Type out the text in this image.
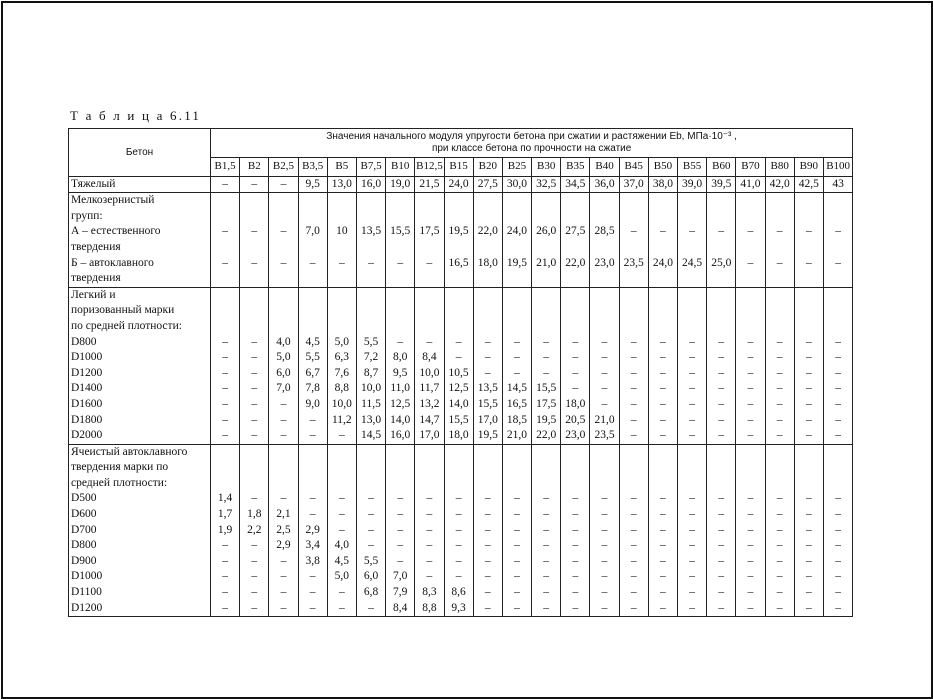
Т а б л и ц а 6.11
Бетон	Значения начального модуля упругости бетона при сжатии и растяжении Eb, МПа·10⁻³ ,
при классе бетона по прочности на сжатие																					

	B1,5	B2	B2,5	B3,5	B5	B7,5	B10	B12,5	B15	B20	B25	B30	B35	B40	B45	B50	B55	B60	B70	B80	B90	B100
Тяжелый	–	–	–	9,5	13,0	16,0	19,0	21,5	24,0	27,5	30,0	32,5	34,5	36,0	37,0	38,0	39,0	39,5	41,0	42,0	42,5	43
Мелкозернистый																						
групп:																						
А – естественного	–	–	–	7,0	10	13,5	15,5	17,5	19,5	22,0	24,0	26,0	27,5	28,5	–	–	–	–	–	–	–	–
твердения																						
Б – автоклавного	–	–	–	–	–	–	–	–	16,5	18,0	19,5	21,0	22,0	23,0	23,5	24,0	24,5	25,0	–	–	–	–
твердения																						
Легкий и																						
поризованный марки																						
по средней плотности:																						
D800	–	–	4,0	4,5	5,0	5,5	–	–	–	–	–	–	–	–	–	–	–	–	–	–	–	–
D1000	–	–	5,0	5,5	6,3	7,2	8,0	8,4	–	–	–	–	–	–	–	–	–	–	–	–	–	–
D1200	–	–	6,0	6,7	7,6	8,7	9,5	10,0	10,5	–	–	–	–	–	–	–	–	–	–	–	–	–
D1400	–	–	7,0	7,8	8,8	10,0	11,0	11,7	12,5	13,5	14,5	15,5	–	–	–	–	–	–	–	–	–	–
D1600	–	–	–	9,0	10,0	11,5	12,5	13,2	14,0	15,5	16,5	17,5	18,0	–	–	–	–	–	–	–	–	–
D1800	–	–	–	–	11,2	13,0	14,0	14,7	15,5	17,0	18,5	19,5	20,5	21,0	–	–	–	–	–	–	–	–
D2000	–	–	–	–	–	14,5	16,0	17,0	18,0	19,5	21,0	22,0	23,0	23,5	–	–	–	–	–	–	–	–
Ячеистый автоклавного																						
твердения марки по																						
средней плотности:																						
D500	1,4	–	–	–	–	–	–	–	–	–	–	–	–	–	–	–	–	–	–	–	–	–
D600	1,7	1,8	2,1	–	–	–	–	–	–	–	–	–	–	–	–	–	–	–	–	–	–	–
D700	1,9	2,2	2,5	2,9	–	–	–	–	–	–	–	–	–	–	–	–	–	–	–	–	–	–
D800	–	–	2,9	3,4	4,0	–	–	–	–	–	–	–	–	–	–	–	–	–	–	–	–	–
D900	–	–	–	3,8	4,5	5,5	–	–	–	–	–	–	–	–	–	–	–	–	–	–	–	–
D1000	–	–	–	–	5,0	6,0	7,0	–	–	–	–	–	–	–	–	–	–	–	–	–	–	–
D1100	–	–	–	–	–	6,8	7,9	8,3	8,6	–	–	–	–	–	–	–	–	–	–	–	–	–
D1200	–	–	–	–	–	–	8,4	8,8	9,3	–	–	–	–	–	–	–	–	–	–	–	–	–
